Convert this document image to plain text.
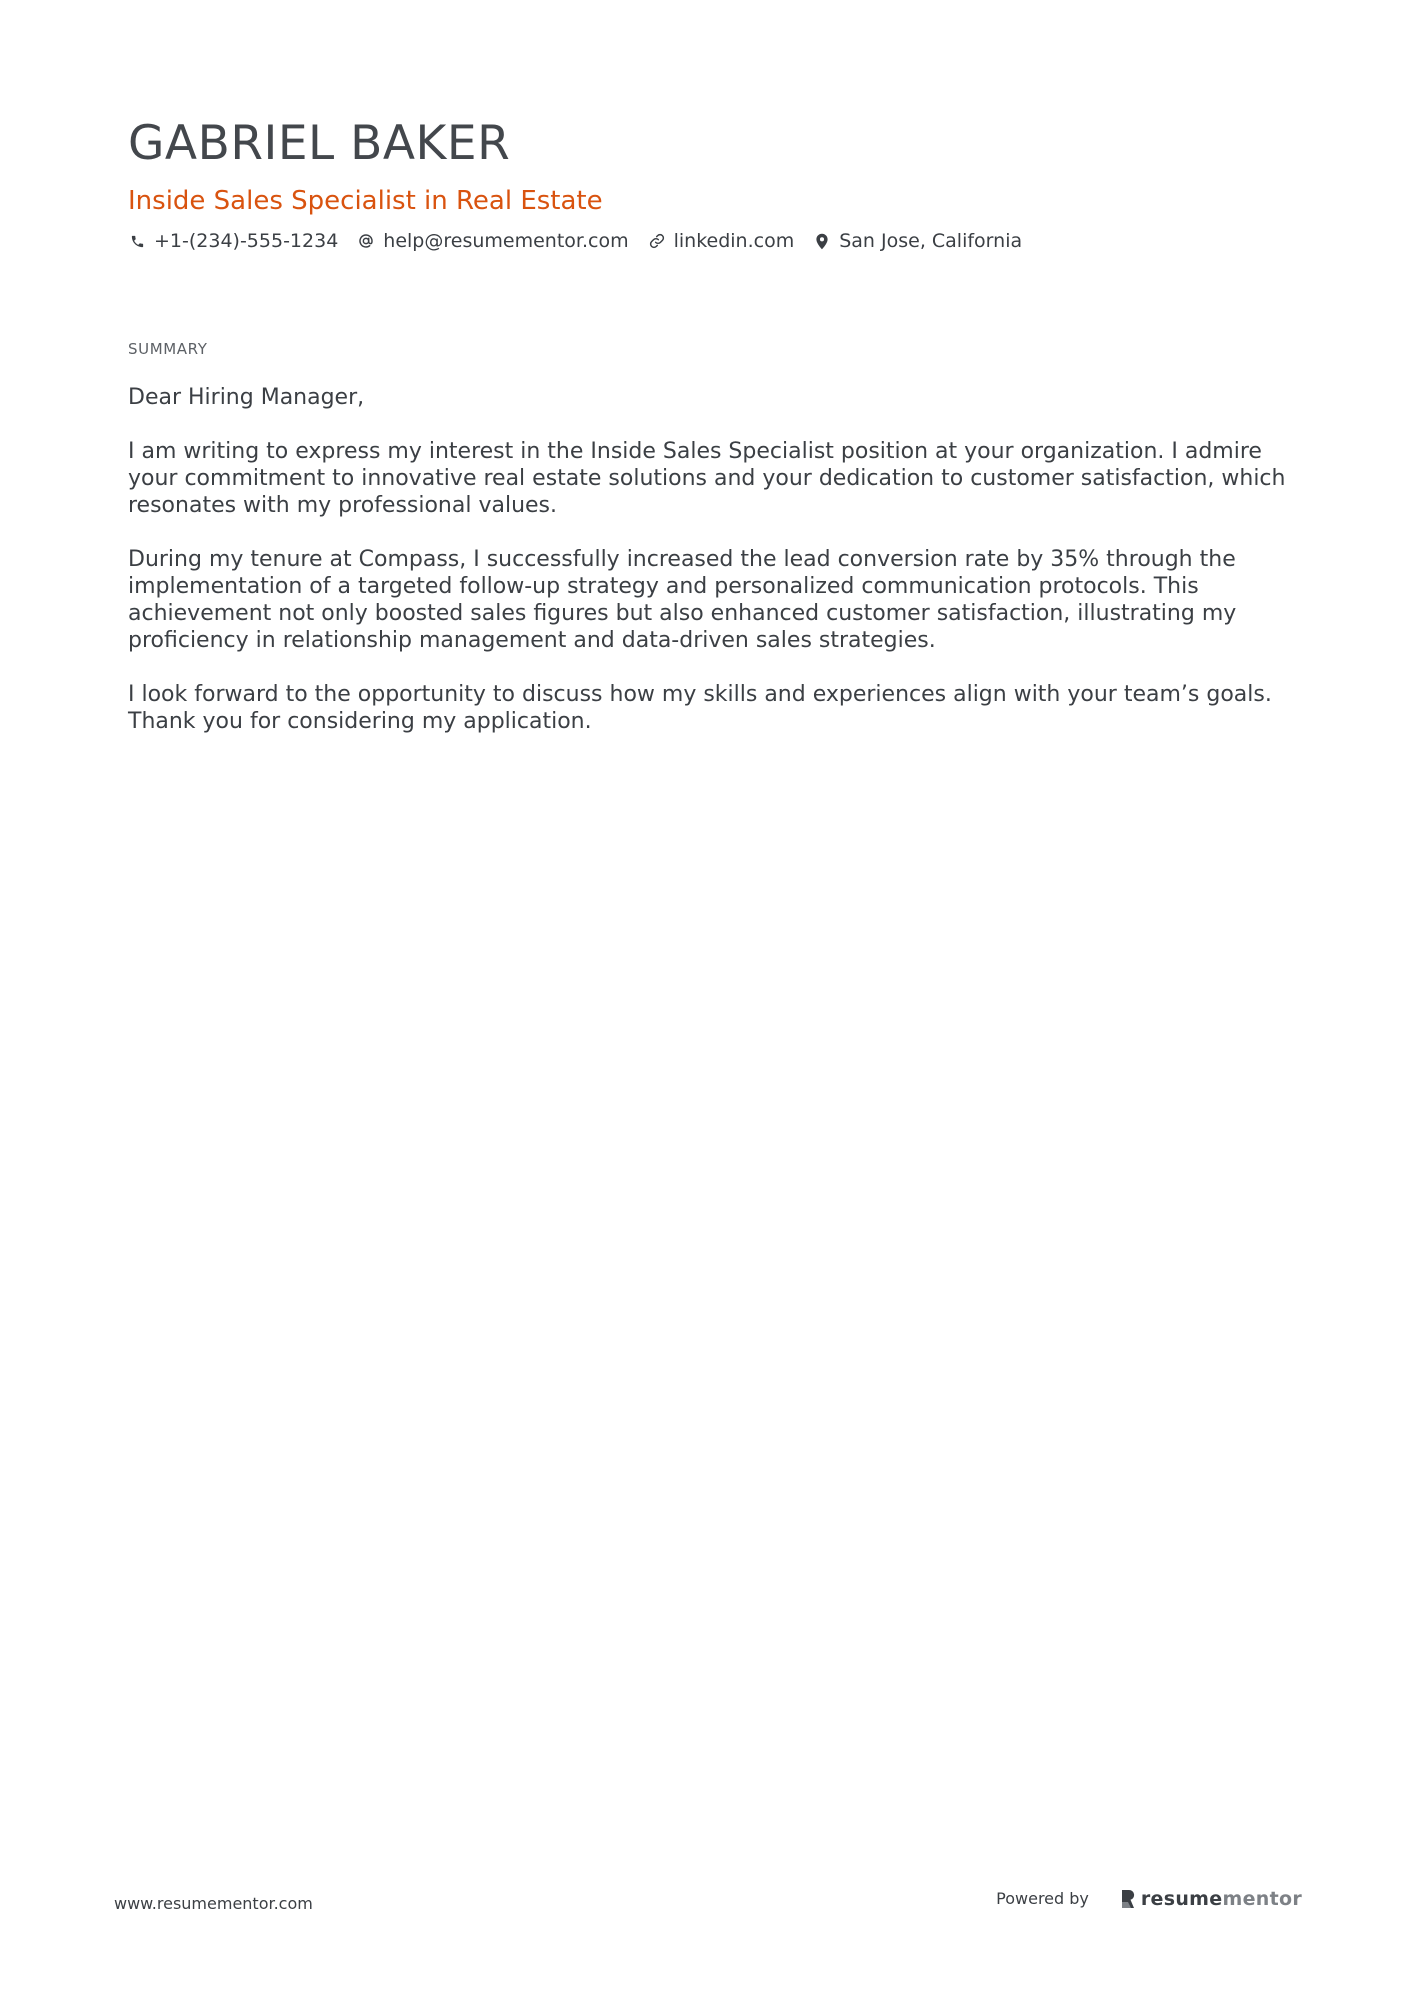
GABRIEL BAKER
Inside Sales Specialist in Real Estate
+1-(234)-555-1234 help@resumementor.com linkedin.com San Jose, California
SUMMARY

Dear Hiring Manager,

I am writing to express my interest in the Inside Sales Specialist position at your organization. I admire your commitment to innovative real estate solutions and your dedication to customer satisfaction, which resonates with my professional values.

During my tenure at Compass, I successfully increased the lead conversion rate by 35% through the implementation of a targeted follow-up strategy and personalized communication protocols. This achievement not only boosted sales figures but also enhanced customer satisfaction, illustrating my proficiency in relationship management and data-driven sales strategies.

I look forward to the opportunity to discuss how my skills and experiences align with your team’s goals. Thank you for considering my application.

www.resumementor.com	Powered by	resume mentor
